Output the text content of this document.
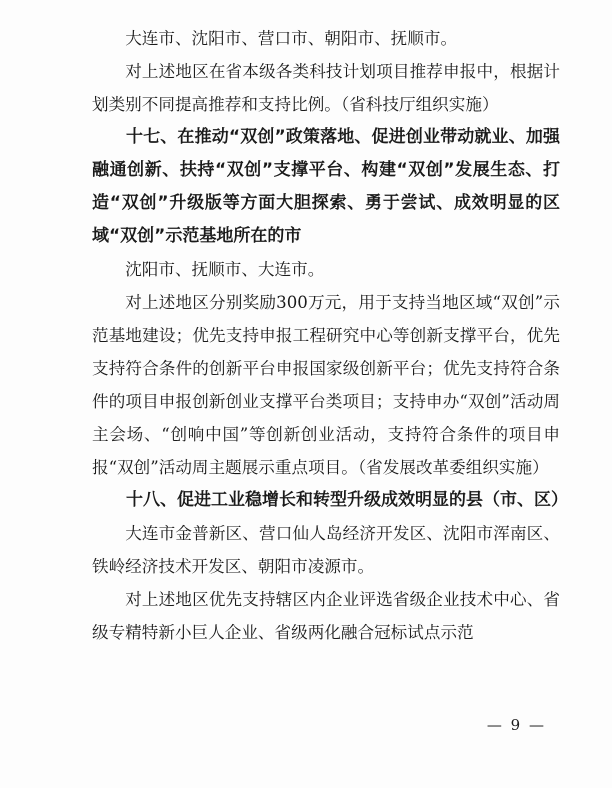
大连市、沈阳市、营口市、朝阳市、抚顺市。

对上述地区在省本级各类科技计划项目推荐申报中，根据计划类别不同提高推荐和支持比例。（省科技厅组织实施）

十七、在推动“双创”政策落地、促进创业带动就业、加强融通创新、扶持“双创”支撑平台、构建“双创”发展生态、打造“双创”升级版等方面大胆探索、勇于尝试、成效明显的区域“双创”示范基地所在的市

沈阳市、抚顺市、大连市。

对上述地区分别奖励300万元，用于支持当地区域“双创”示范基地建设；优先支持申报工程研究中心等创新支撑平台，优先支持符合条件的创新平台申报国家级创新平台；优先支持符合条件的项目申报创新创业支撑平台类项目；支持申办“双创”活动周主会场、“创响中国”等创新创业活动，支持符合条件的项目申报“双创”活动周主题展示重点项目。（省发展改革委组织实施）

十八、促进工业稳增长和转型升级成效明显的县（市、区）

大连市金普新区、营口仙人岛经济开发区、沈阳市浑南区、铁岭经济技术开发区、朝阳市凌源市。

对上述地区优先支持辖区内企业评选省级企业技术中心、省级专精特新小巨人企业、省级两化融合冠标试点示范

— 9 —
